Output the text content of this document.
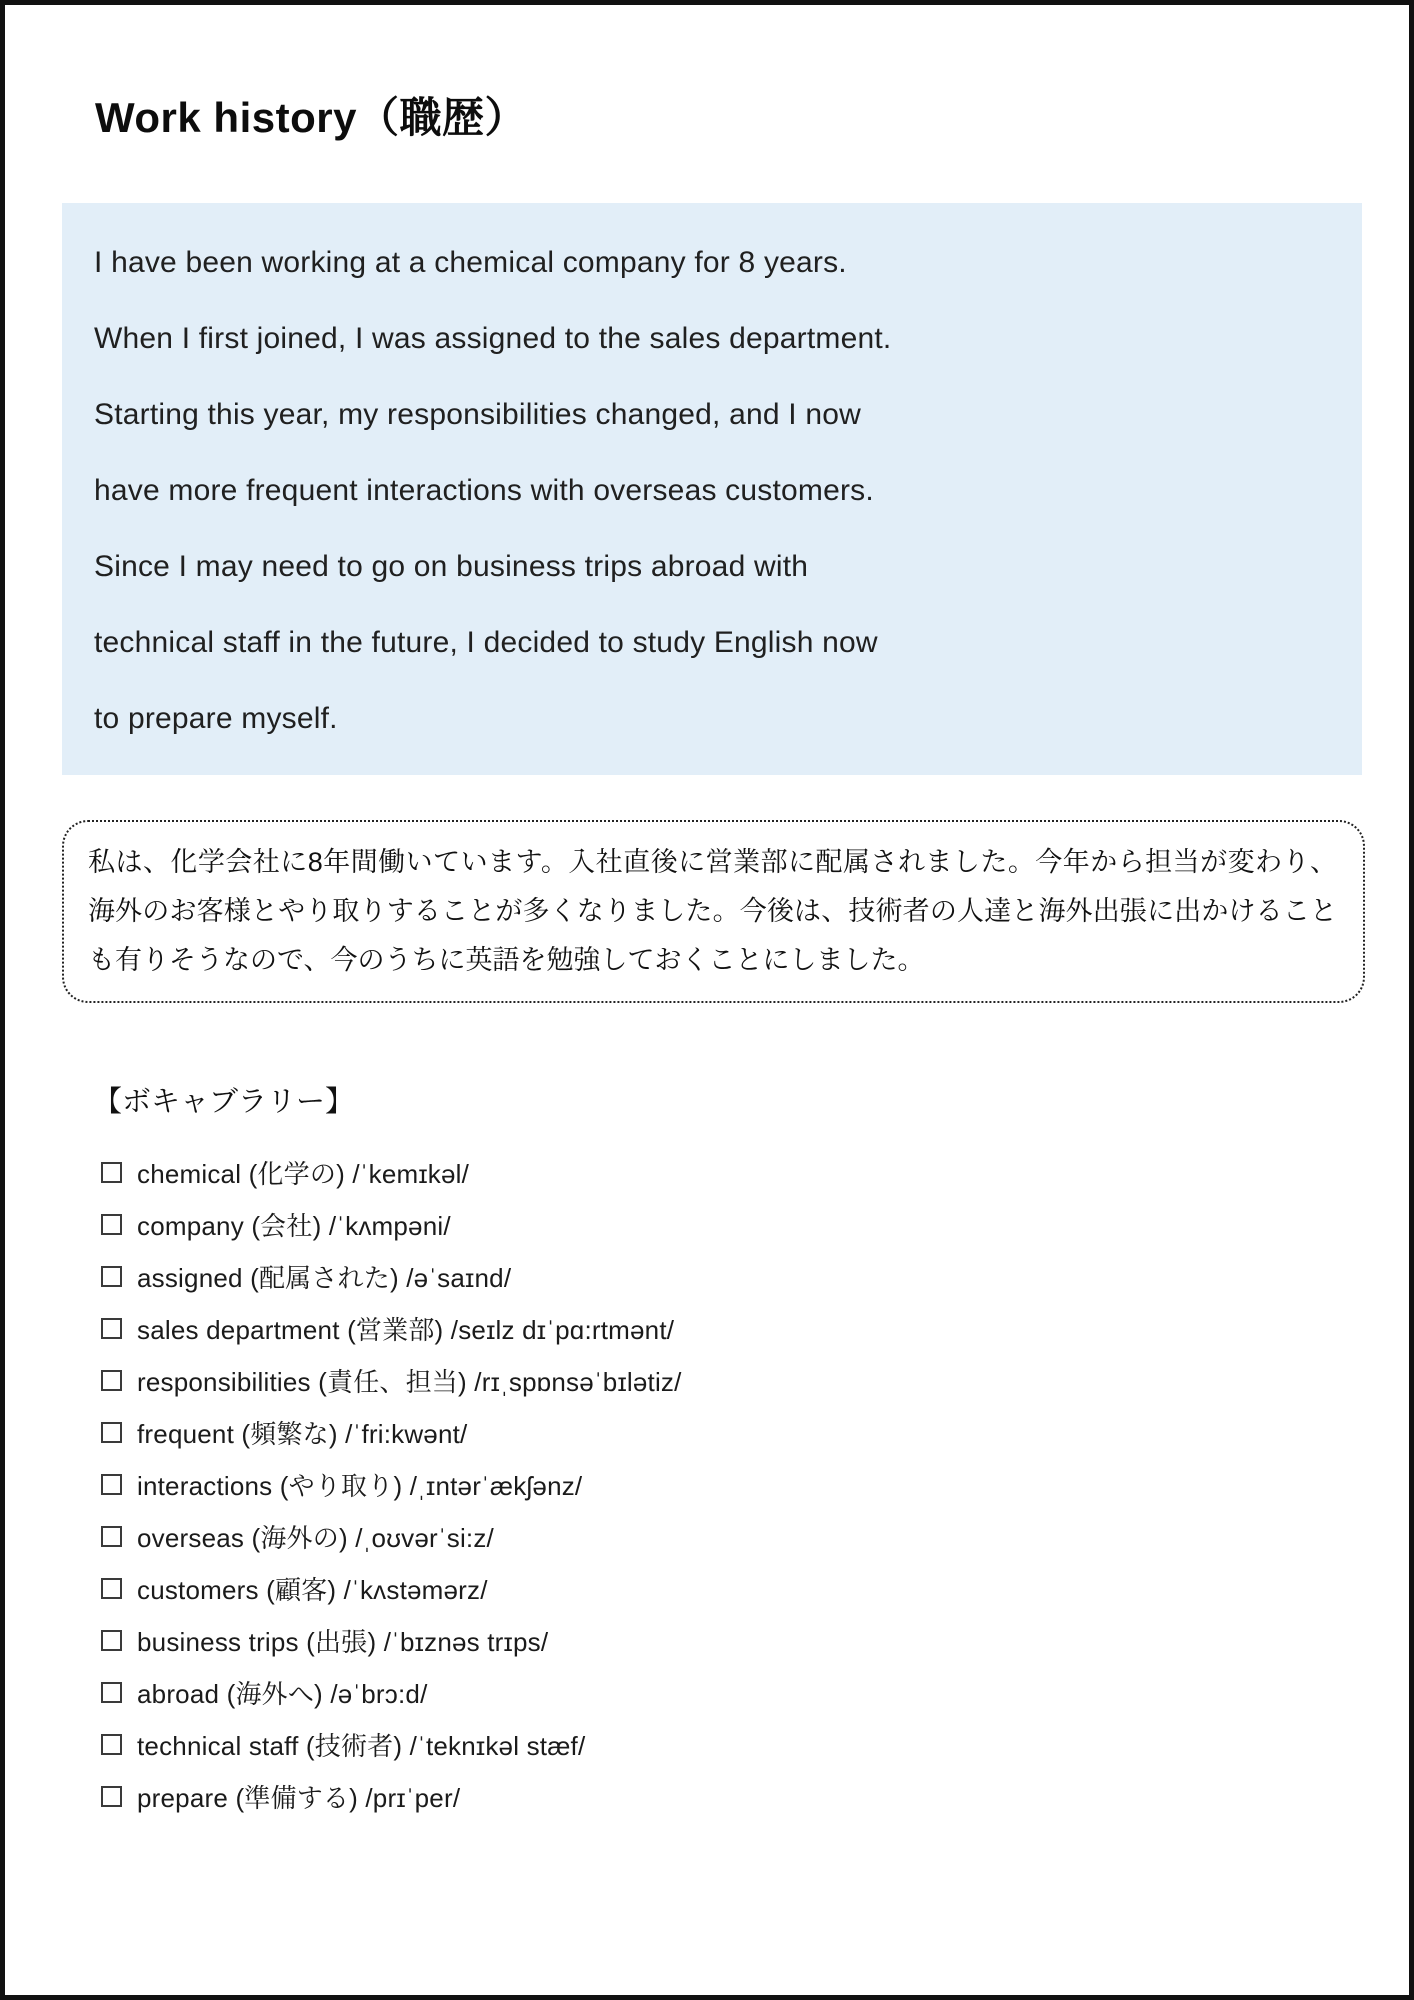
Work history（職歴）
I have been working at a chemical company for 8 years.
When I first joined, I was assigned to the sales department.
Starting this year, my responsibilities changed, and I now
have more frequent interactions with overseas customers.
Since I may need to go on business trips abroad with
technical staff in the future, I decided to study English now
to prepare myself.
私は、化学会社に8年間働いています。入社直後に営業部に配属されました。今年から担当が変わり、海外のお客様とやり取りすることが多くなりました。今後は、技術者の人達と海外出張に出かけることも有りそうなので、今のうちに英語を勉強しておくことにしました。
【ボキャブラリー】
chemical (化学の) /ˈkemɪkəl/
company (会社) /ˈkʌmpəni/
assigned (配属された) /əˈsaɪnd/
sales department (営業部) /seɪlz dɪˈpɑ:rtmənt/
responsibilities (責任、担当) /rɪˌspɒnsəˈbɪlətiz/
frequent (頻繁な) /ˈfri:kwənt/
interactions (やり取り) /ˌɪntərˈækʃənz/
overseas (海外の) /ˌoʊvərˈsi:z/
customers (顧客) /ˈkʌstəmərz/
business trips (出張) /ˈbɪznəs trɪps/
abroad (海外へ) /əˈbrɔ:d/
technical staff (技術者) /ˈteknɪkəl stæf/
prepare (準備する) /prɪˈper/
